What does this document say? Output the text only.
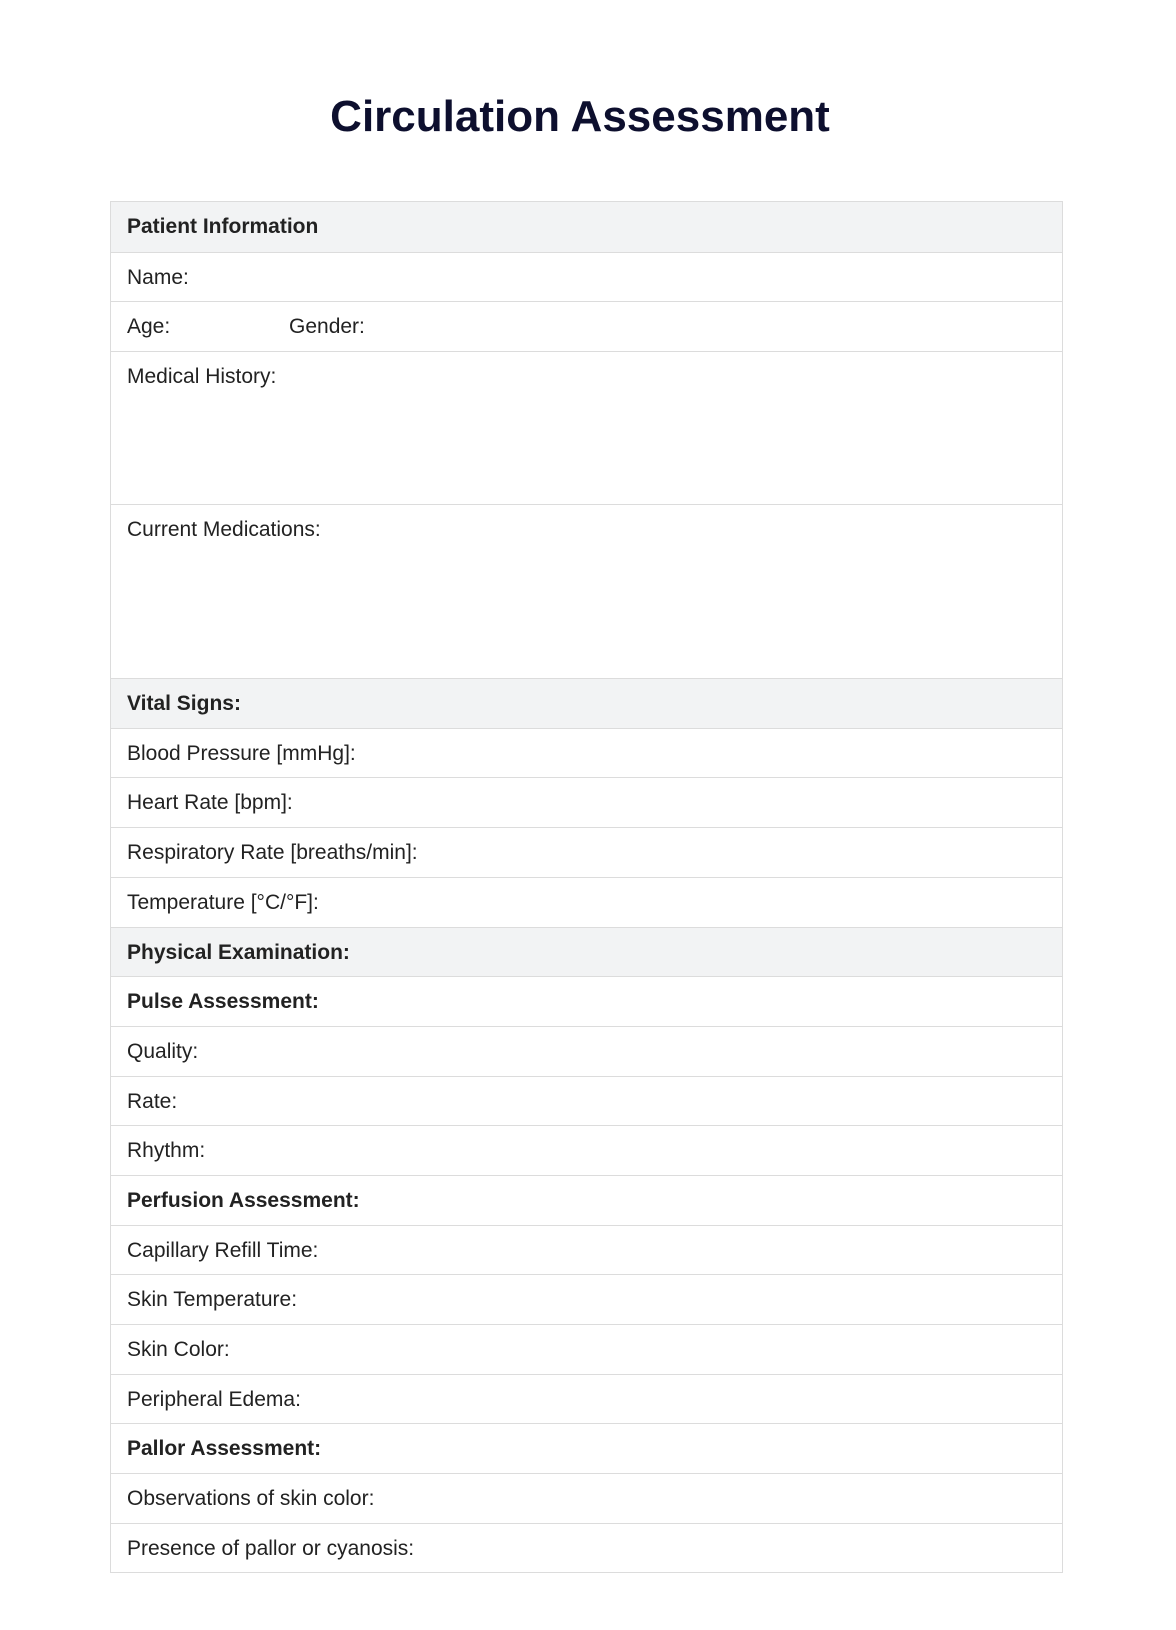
Circulation Assessment
Patient Information
Name:
Age:	Gender:
Medical History:
Current Medications:
Vital Signs:
Blood Pressure [mmHg]:
Heart Rate [bpm]:
Respiratory Rate [breaths/min]:
Temperature [°C/°F]:
Physical Examination:
Pulse Assessment:
Quality:
Rate:
Rhythm:
Perfusion Assessment:
Capillary Refill Time:
Skin Temperature:
Skin Color:
Peripheral Edema:
Pallor Assessment:
Observations of skin color:
Presence of pallor or cyanosis:
